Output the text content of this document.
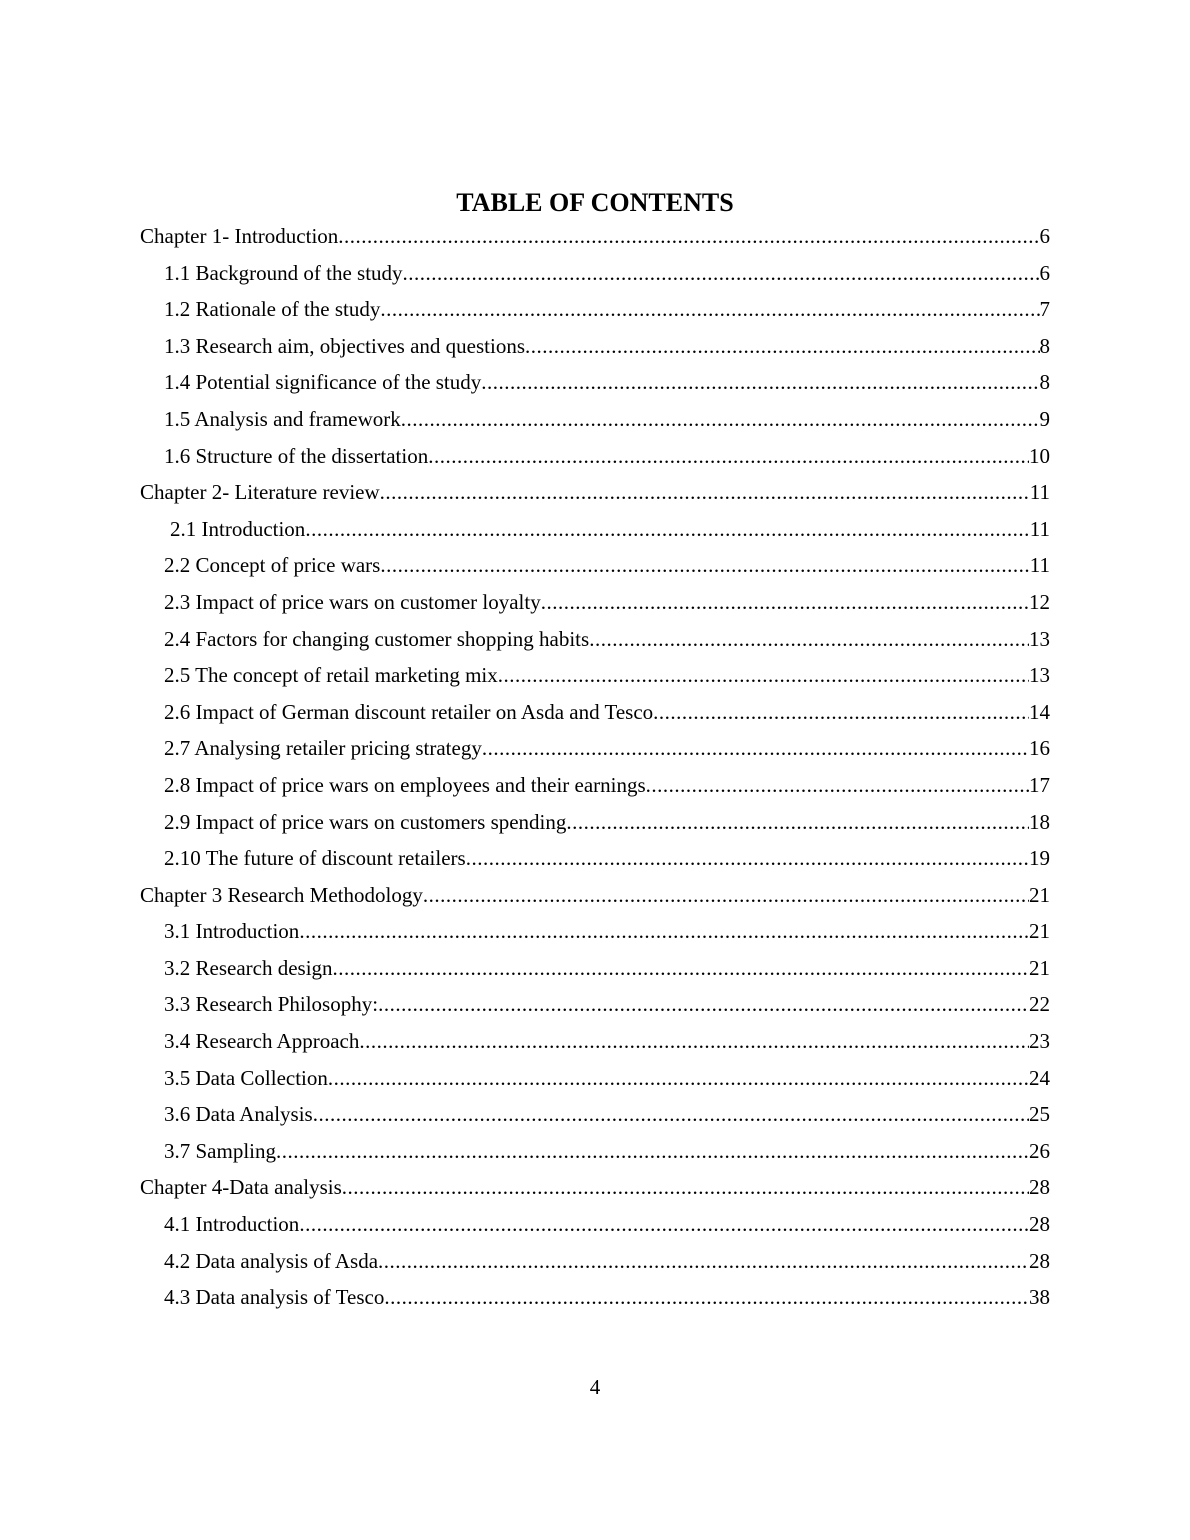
TABLE OF CONTENTS
Chapter 1- Introduction .....	6
1.1 Background of the study .....	6
1.2 Rationale of the study .....	7
1.3 Research aim, objectives and questions .....	8
1.4 Potential significance of the study .....	8
1.5 Analysis and framework .....	9
1.6 Structure of the dissertation .....	10
Chapter 2- Literature review .....	11
2.1 Introduction .....	11
2.2 Concept of price wars .....	11
2.3 Impact of price wars on customer loyalty .....	12
2.4 Factors for changing customer shopping habits .....	13
2.5 The concept of retail marketing mix .....	13
2.6 Impact of German discount retailer on Asda and Tesco .....	14
2.7 Analysing retailer pricing strategy .....	16
2.8 Impact of price wars on employees and their earnings .....	17
2.9 Impact of price wars on customers spending .....	18
2.10 The future of discount retailers .....	19
Chapter 3 Research Methodology .....	21
3.1 Introduction .....	21
3.2 Research design .....	21
3.3 Research Philosophy: .....	22
3.4 Research Approach .....	23
3.5 Data Collection .....	24
3.6 Data Analysis .....	25
3.7 Sampling .....	26
Chapter 4-Data analysis .....	28
4.1 Introduction .....	28
4.2 Data analysis of Asda .....	28
4.3 Data analysis of Tesco .....	38
4
